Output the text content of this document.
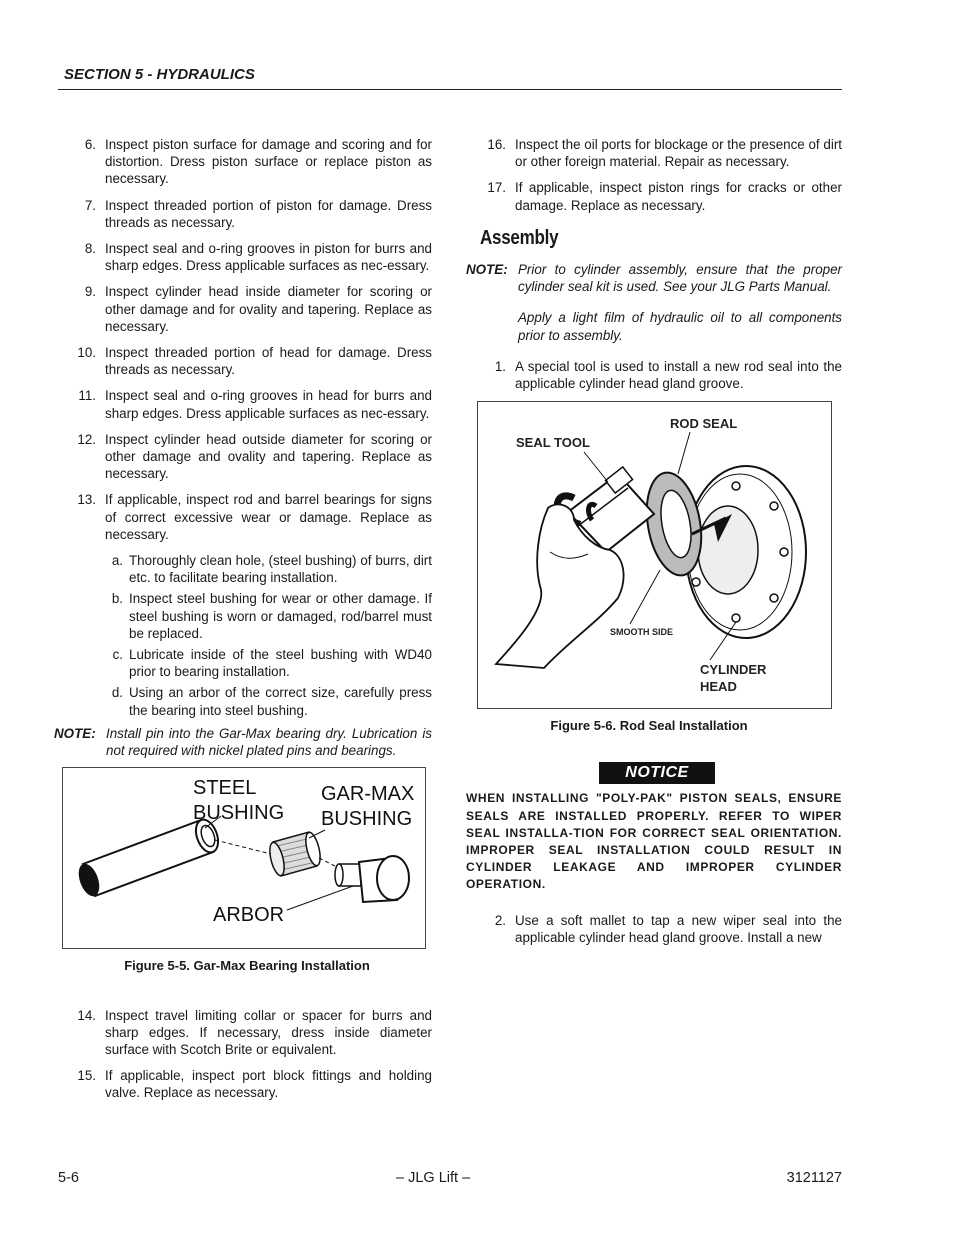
SECTION 5 - HYDRAULICS
6. Inspect piston surface for damage and scoring and for distortion. Dress piston surface or replace piston as necessary.
7. Inspect threaded portion of piston for damage. Dress threads as necessary.
8. Inspect seal and o-ring grooves in piston for burrs and sharp edges. Dress applicable surfaces as nec-essary.
9. Inspect cylinder head inside diameter for scoring or other damage and for ovality and tapering. Replace as necessary.
10. Inspect threaded portion of head for damage. Dress threads as necessary.
11. Inspect seal and o-ring grooves in head for burrs and sharp edges. Dress applicable surfaces as nec-essary.
12. Inspect cylinder head outside diameter for scoring or other damage and ovality and tapering. Replace as necessary.
13. If applicable, inspect rod and barrel bearings for signs of correct excessive wear or damage. Replace as necessary.
a. Thoroughly clean hole, (steel bushing) of burrs, dirt etc. to facilitate bearing installation.
b. Inspect steel bushing for wear or other damage. If steel bushing is worn or damaged, rod/barrel must be replaced.
c. Lubricate inside of the steel bushing with WD40 prior to bearing installation.
d. Using an arbor of the correct size, carefully press the bearing into steel bushing.
NOTE: Install pin into the Gar-Max bearing dry. Lubrication is not required with nickel plated pins and bearings.
STEEL
BUSHING
GAR-MAX
BUSHING
ARBOR
Figure 5-5. Gar-Max Bearing Installation
14. Inspect travel limiting collar or spacer for burrs and sharp edges. If necessary, dress inside diameter surface with Scotch Brite or equivalent.
15. If applicable, inspect port block fittings and holding valve. Replace as necessary.
16. Inspect the oil ports for blockage or the presence of dirt or other foreign material. Repair as necessary.
17. If applicable, inspect piston rings for cracks or other damage. Replace as necessary.
Assembly
NOTE: Prior to cylinder assembly, ensure that the proper cylinder seal kit is used. See your JLG Parts Manual.
Apply a light film of hydraulic oil to all components prior to assembly.
1. A special tool is used to install a new rod seal into the applicable cylinder head gland groove.
SEAL TOOL
ROD SEAL
SMOOTH SIDE
CYLINDER
HEAD
Figure 5-6. Rod Seal Installation
NOTICE
WHEN INSTALLING "POLY-PAK" PISTON SEALS, ENSURE SEALS ARE INSTALLED PROPERLY. REFER TO WIPER SEAL INSTALLA-TION FOR CORRECT SEAL ORIENTATION. IMPROPER SEAL INSTALLATION COULD RESULT IN CYLINDER LEAKAGE AND IMPROPER CYLINDER OPERATION.
2. Use a soft mallet to tap a new wiper seal into the applicable cylinder head gland groove. Install a new
5-6	– JLG Lift –	3121127
